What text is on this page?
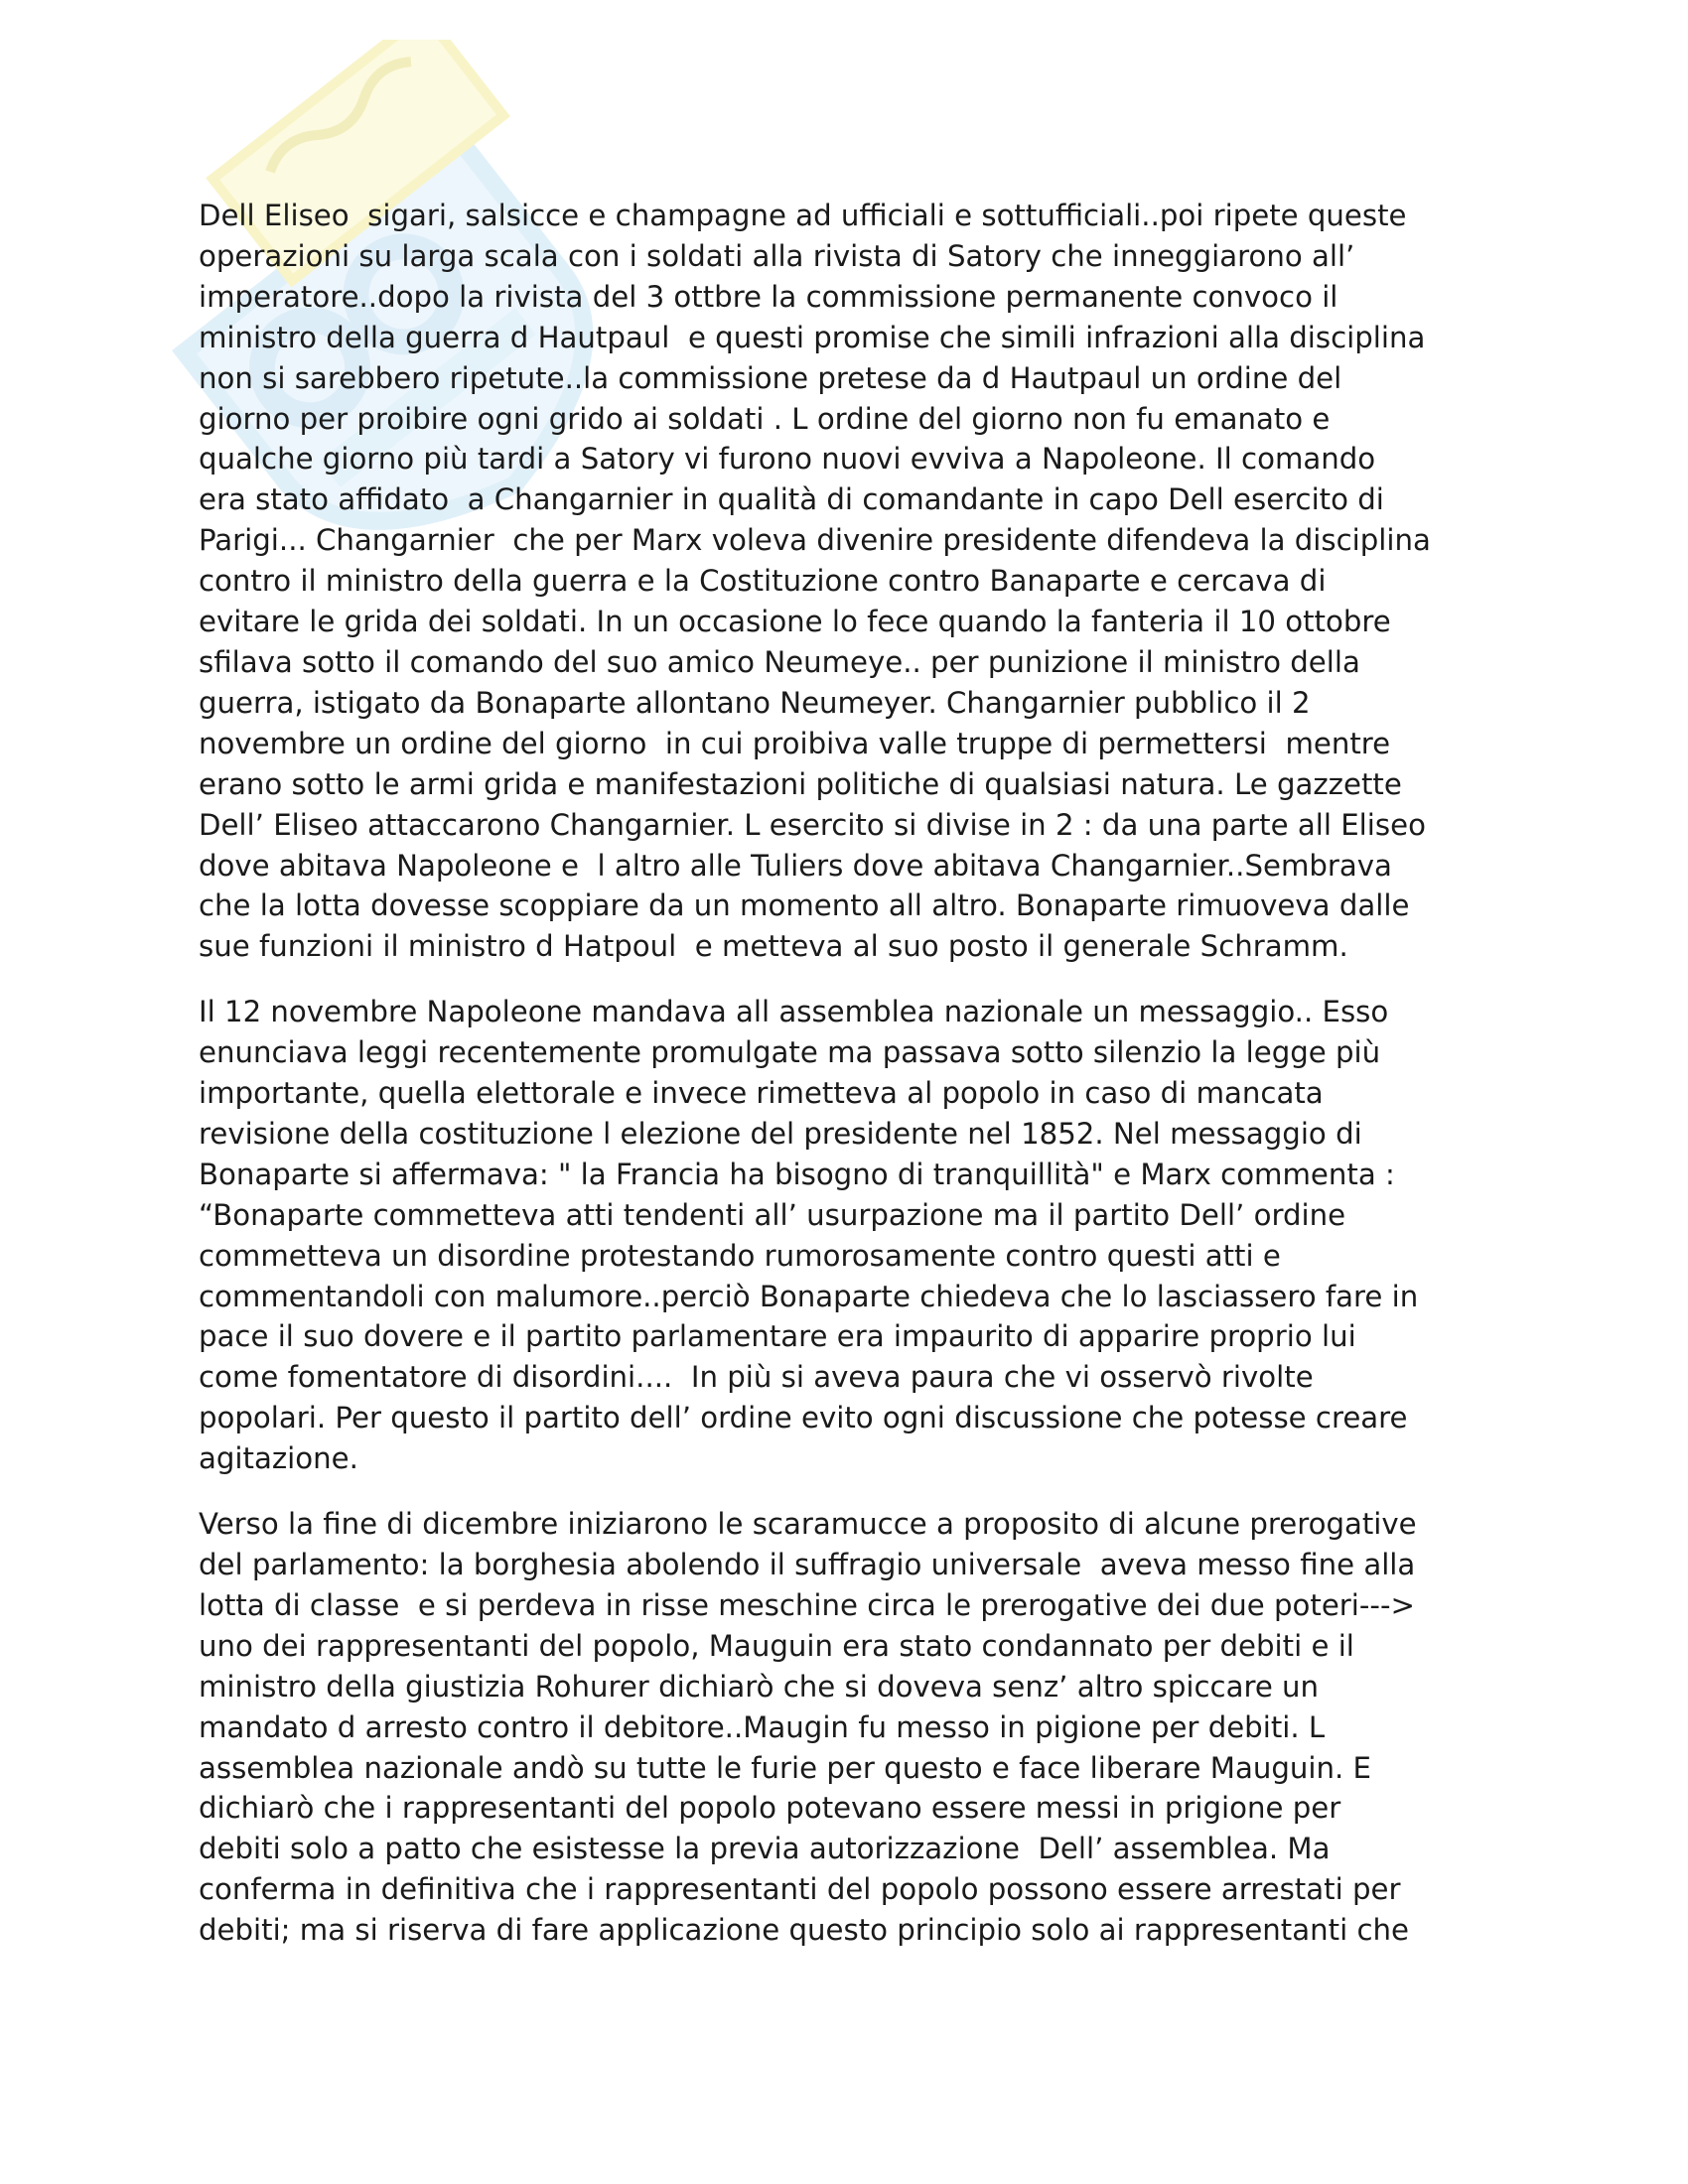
Dell Eliseo  sigari, salsicce e champagne ad ufficiali e sottufficiali..poi ripete queste
operazioni su larga scala con i soldati alla rivista di Satory che inneggiarono all’
imperatore..dopo la rivista del 3 ottbre la commissione permanente convoco il
ministro della guerra d Hautpaul  e questi promise che simili infrazioni alla disciplina
non si sarebbero ripetute..la commissione pretese da d Hautpaul un ordine del
giorno per proibire ogni grido ai soldati . L ordine del giorno non fu emanato e
qualche giorno più tardi a Satory vi furono nuovi evviva a Napoleone. Il comando
era stato affidato  a Changarnier in qualità di comandante in capo Dell esercito di
Parigi... Changarnier  che per Marx voleva divenire presidente difendeva la disciplina
contro il ministro della guerra e la Costituzione contro Banaparte e cercava di
evitare le grida dei soldati. In un occasione lo fece quando la fanteria il 10 ottobre
sfilava sotto il comando del suo amico Neumeye.. per punizione il ministro della
guerra, istigato da Bonaparte allontano Neumeyer. Changarnier pubblico il 2
novembre un ordine del giorno  in cui proibiva valle truppe di permettersi  mentre
erano sotto le armi grida e manifestazioni politiche di qualsiasi natura. Le gazzette
Dell’ Eliseo attaccarono Changarnier. L esercito si divise in 2 : da una parte all Eliseo
dove abitava Napoleone e  l altro alle Tuliers dove abitava Changarnier..Sembrava
che la lotta dovesse scoppiare da un momento all altro. Bonaparte rimuoveva dalle
sue funzioni il ministro d Hatpoul  e metteva al suo posto il generale Schramm.

Il 12 novembre Napoleone mandava all assemblea nazionale un messaggio.. Esso
enunciava leggi recentemente promulgate ma passava sotto silenzio la legge più
importante, quella elettorale e invece rimetteva al popolo in caso di mancata
revisione della costituzione l elezione del presidente nel 1852. Nel messaggio di
Bonaparte si affermava: " la Francia ha bisogno di tranquillità" e Marx commenta :
“Bonaparte commetteva atti tendenti all’ usurpazione ma il partito Dell’ ordine
commetteva un disordine protestando rumorosamente contro questi atti e
commentandoli con malumore..perciò Bonaparte chiedeva che lo lasciassero fare in
pace il suo dovere e il partito parlamentare era impaurito di apparire proprio lui
come fomentatore di disordini....  In più si aveva paura che vi osservò rivolte
popolari. Per questo il partito dell’ ordine evito ogni discussione che potesse creare
agitazione.

Verso la fine di dicembre iniziarono le scaramucce a proposito di alcune prerogative
del parlamento: la borghesia abolendo il suffragio universale  aveva messo fine alla
lotta di classe  e si perdeva in risse meschine circa le prerogative dei due poteri--->
uno dei rappresentanti del popolo, Mauguin era stato condannato per debiti e il
ministro della giustizia Rohurer dichiarò che si doveva senz’ altro spiccare un
mandato d arresto contro il debitore..Maugin fu messo in pigione per debiti. L
assemblea nazionale andò su tutte le furie per questo e face liberare Mauguin. E
dichiarò che i rappresentanti del popolo potevano essere messi in prigione per
debiti solo a patto che esistesse la previa autorizzazione  Dell’ assemblea. Ma
conferma in definitiva che i rappresentanti del popolo possono essere arrestati per
debiti; ma si riserva di fare applicazione questo principio solo ai rappresentanti che
